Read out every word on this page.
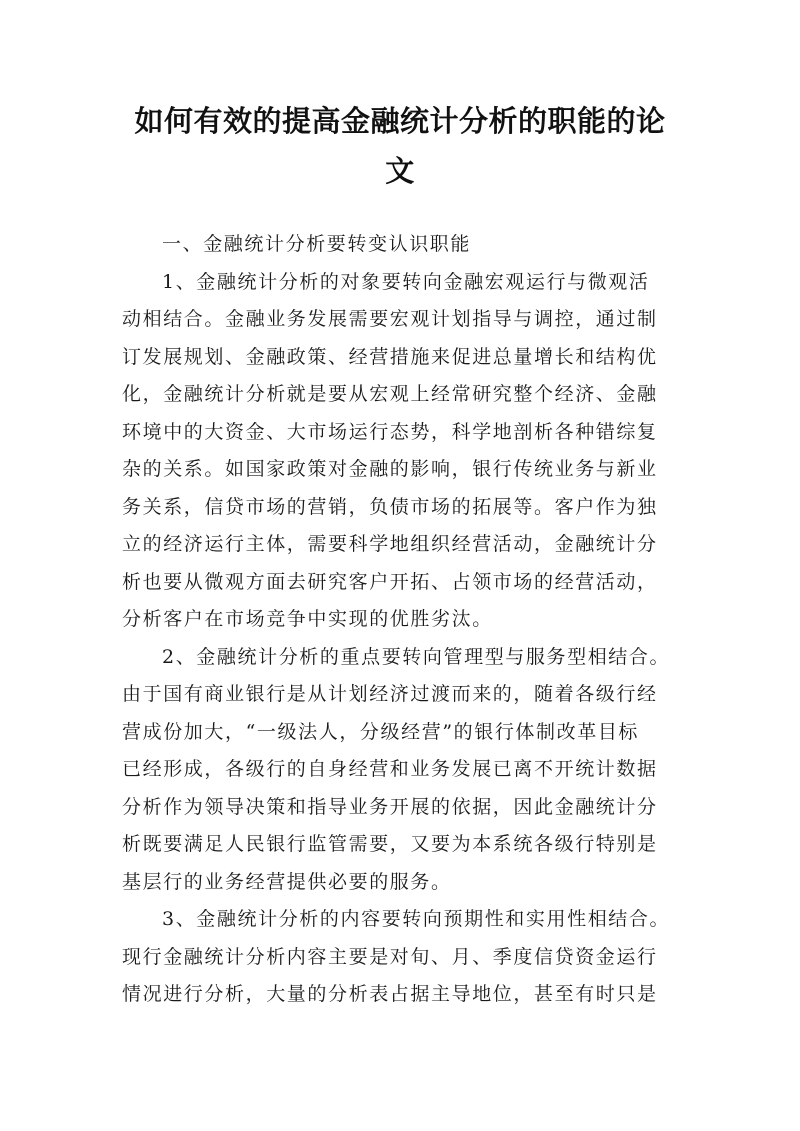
如何有效的提高金融统计分析的职能的论
文
一、金融统计分析要转变认识职能
1、金融统计分析的对象要转向金融宏观运行与微观活
动相结合。金融业务发展需要宏观计划指导与调控，通过制
订发展规划、金融政策、经营措施来促进总量增长和结构优
化，金融统计分析就是要从宏观上经常研究整个经济、金融
环境中的大资金、大市场运行态势，科学地剖析各种错综复
杂的关系。如国家政策对金融的影响，银行传统业务与新业
务关系，信贷市场的营销，负债市场的拓展等。客户作为独
立的经济运行主体，需要科学地组织经营活动，金融统计分
析也要从微观方面去研究客户开拓、占领市场的经营活动，
分析客户在市场竞争中实现的优胜劣汰。
2、金融统计分析的重点要转向管理型与服务型相结合。
由于国有商业银行是从计划经济过渡而来的，随着各级行经
营成份加大，“一级法人，分级经营”的银行体制改革目标
已经形成，各级行的自身经营和业务发展已离不开统计数据
分析作为领导决策和指导业务开展的依据，因此金融统计分
析既要满足人民银行监管需要，又要为本系统各级行特别是
基层行的业务经营提供必要的服务。
3、金融统计分析的内容要转向预期性和实用性相结合。
现行金融统计分析内容主要是对旬、月、季度信贷资金运行
情况进行分析，大量的分析表占据主导地位，甚至有时只是
